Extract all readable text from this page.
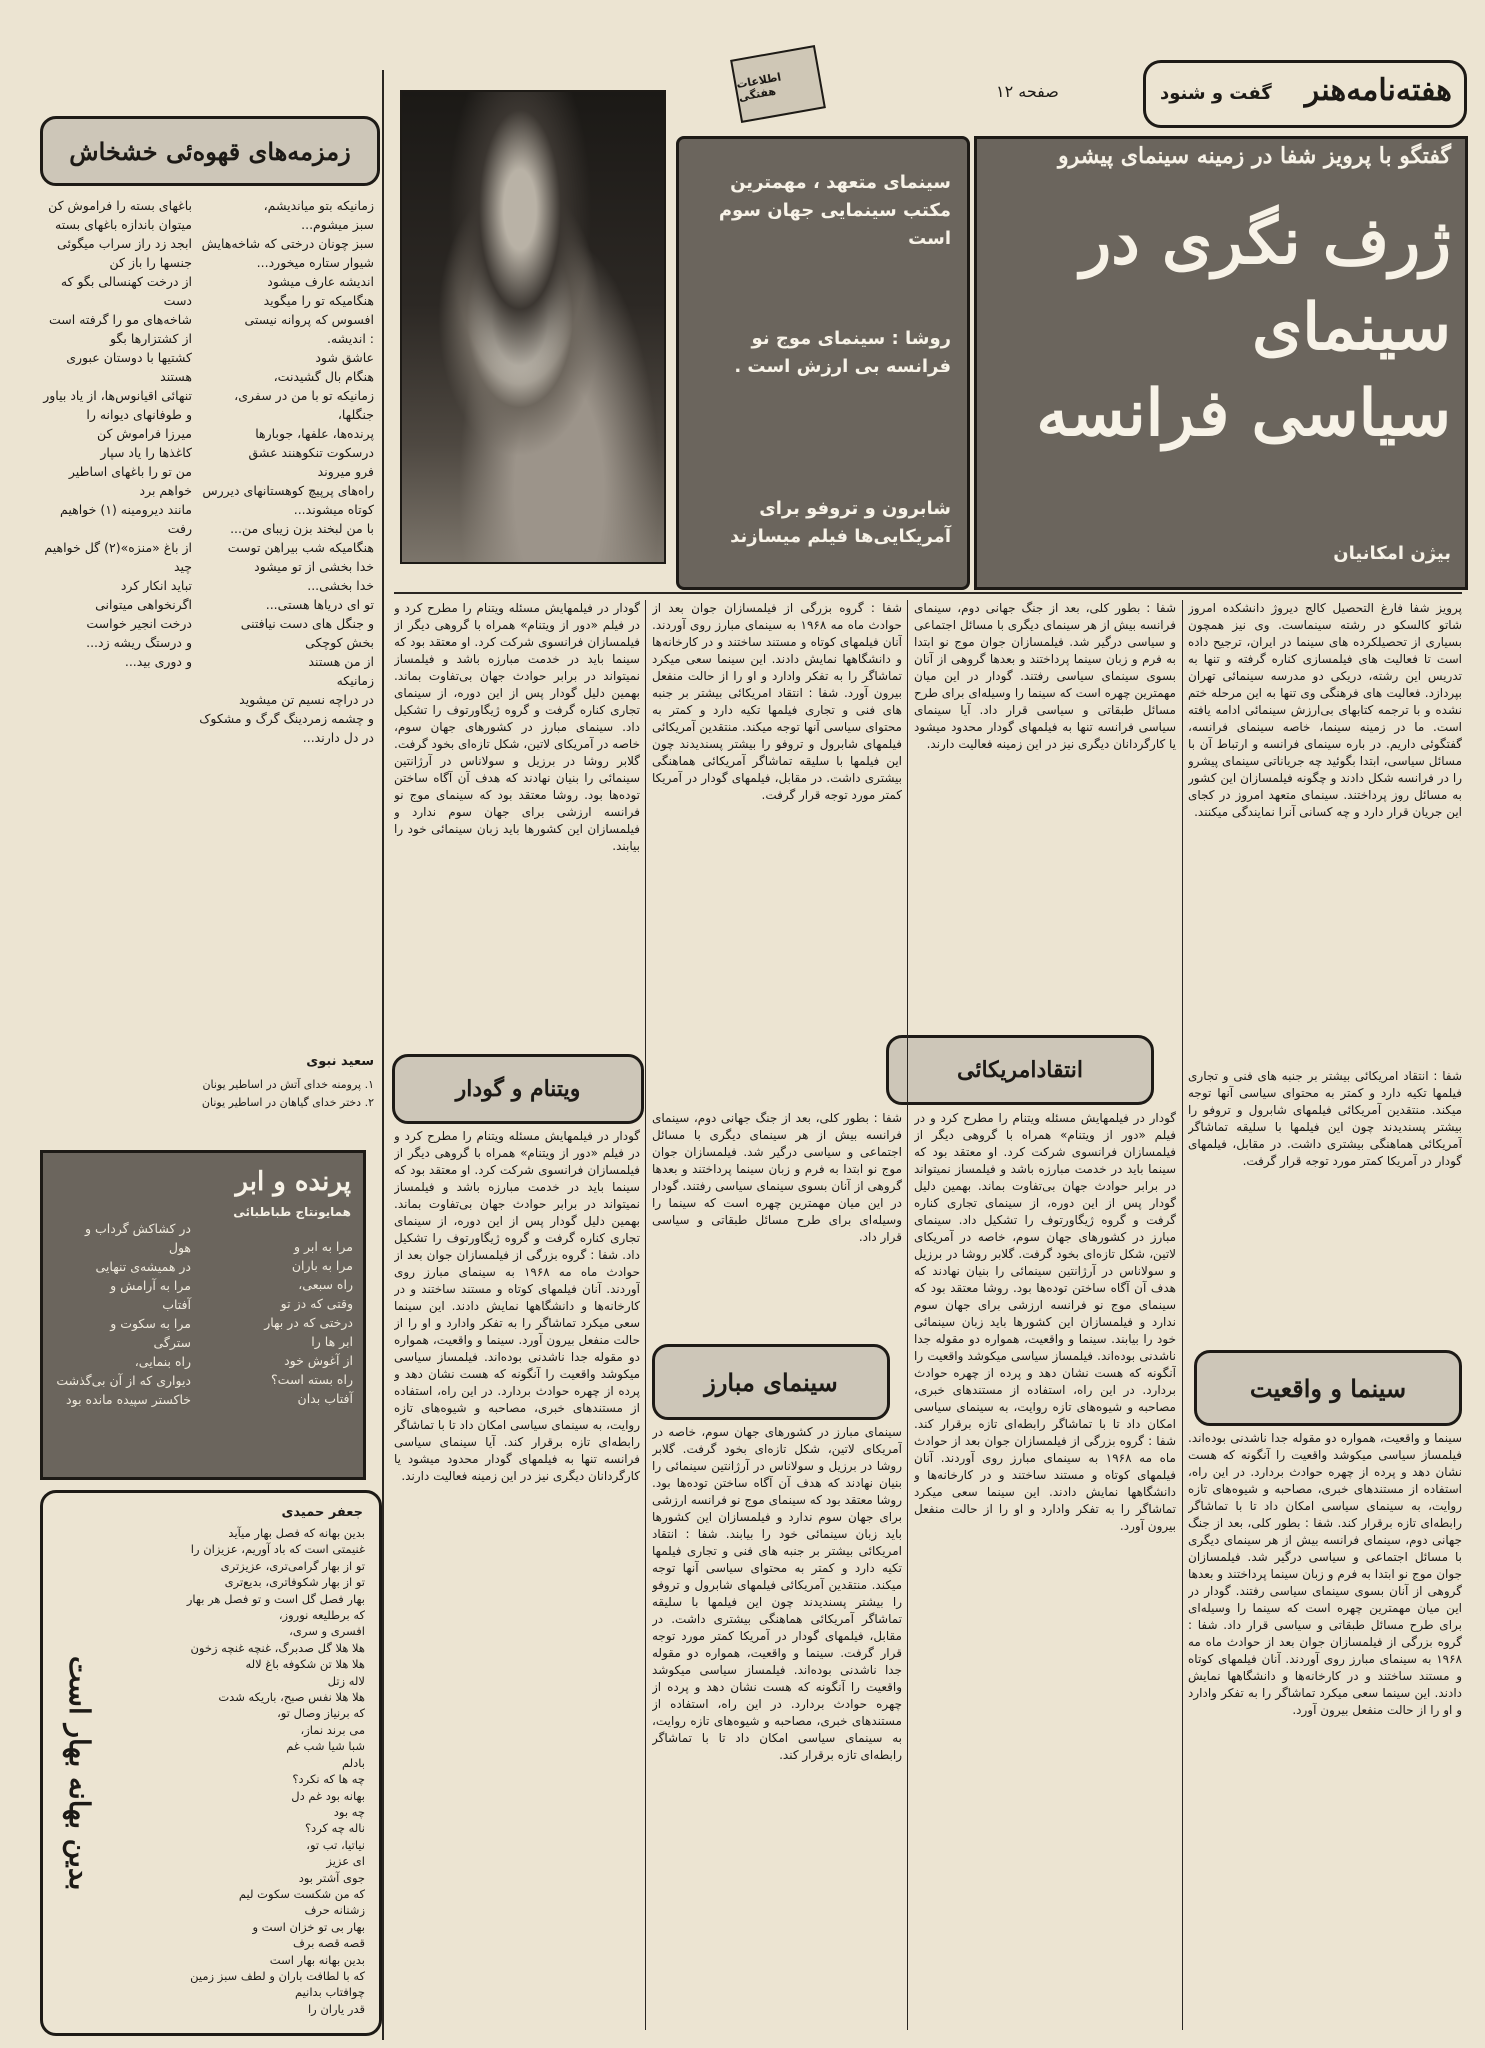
هفته‌نامه‌هنر
گفت و شنود
صفحه ۱۲
اطلاعات هفتگی
زمزمه‌های قهوه‌ئی خشخاش
زمانیکه بتو میاندیشم،
سبز میشوم...
سبز چونان درختی که شاخه‌هایش
شیوار ستاره میخورد...
اندیشه عارف میشود
هنگامیکه تو را میگوید
افسوس که پروانه نیستی
: اندیشه.
عاشق شود
هنگام بال گشیدنت،
زمانیکه تو با من در سفری،
جنگلها،
پرنده‌ها، علفها، جوبارها
درسکوت تنکوهنند عشق
فرو میروند
راه‌های پرپیچ کوهستانهای دیررس
کوتاه میشوند...
با من لبخند بزن زیبای من...
هنگامیکه شب بیراهن توست
خدا بخشی از تو میشود
خدا بخشی...
تو ای دریاها هستی...
و جنگل های دست نیافتنی
بخش کوچکی
از من هستند
زمانیکه
در دراچه نسیم تن میشوید
و چشمه زمردینگ گرگ و مشکوک
در دل دارند...
باغهای بسته را فراموش کن
میتوان باندازه باغهای بسته
ابجد زد راز سراب میگوئی
جنسها را باز کن
از درخت کهنسالی بگو که دست
شاخه‌های مو را گرفته است
از کشتزارها بگو
کشتیها با دوستان عبوری هستند
تنهائی اقیانوس‌ها، از یاد بیاور
و طوفانهای دیوانه را
میرزا فراموش کن
کاغذها را یاد سپار
من تو را باغهای اساطیر
خواهم برد
مانند دیرومینه (۱) خواهیم رفت
از باغ «منزه»(۲) گل خواهیم چید
تباید انکار کرد
اگرنخواهی میتوانی
درخت انجیر خواست
و درستگ ریشه زد...
و دوری بید...
سعید نبوی
۱. پرومنه خدای آتش در اساطیر یونان
۲. دختر خدای گیاهان در اساطیر یونان
پرنده و ابر
همایونتاج طباطبائی
مرا به ابر و
مرا به باران
راه سبعی،
وقتی که دز تو
درختی که در بهار
ابر ها را
از آغوش خود
راه بسته است؟
آفتاب بدان
در کشاکش گرداب و
هول
در همیشه‌ی تنهایی
مرا به آرامش و
آفتاب
مرا به سکوت و
سترگی
راه بنمایی،
دیواری که از آن بی‌گذشت
خاکستر سپیده مانده بود
بدین بهانه بهار است
جعفر حمیدی
بدین بهانه که فصل بهار میآید
غنیمتی است که باد آوریم، عزیزان را
تو از بهار گرامی‌تری، عزیزتری
تو از بهار شکوفاتری، بدیع‌تری
بهار فصل گل است و تو فصل هر بهار
که برطلیعه نوروز،
افسری و سری،
هلا هلا گل صدبرگ، غنچه غنچه زخون
هلا هلا تن شکوفه باغ لاله
لاله زتل
هلا هلا نفس صبح، باریکه شدت
که برنیاز وصال تو،
می برند نماز،
شبا شیا شب غم
بادلم
چه ها که نکرد؟
بهانه بود غم دل
چه بود
ناله چه کرد؟
نیاتیا، تب تو،
ای عزیز
جوی آشتر بود
که من شکست سکوت لیم
زشنانه حرف
بهار بی تو خزان است و
قصه قصه برف
بدین بهانه بهار است
که با لطافت باران و لطف سبز زمین
چوافتاب بدانیم
قدر یاران را
سینمای متعهد ، مهمترین مکتب سینمایی جهان سوم است
روشا : سینمای موج نو فرانسه بی ارزش است .
شابرون و تروفو برای آمریکایی‌ها فیلم میسازند
گفتگو با پرویز شفا در زمینه سینمای پیشرو
ژرف نگری در
سینمای
سیاسی فرانسه
بیژن امکانیان
پرویز شفا فارغ التحصیل کالج دیروژ دانشکده امروز شاتو کالسکو در رشته سینماست. وی نیز همچون بسیاری از تحصیلکرده های سینما در ایران، ترجیح داده است تا فعالیت های فیلمسازی کناره گرفته و تنها به تدریس این رشته، دریکی دو مدرسه سینمائی تهران بپردازد. فعالیت های فرهنگی وی تنها به این مرحله ختم نشده و با ترجمه کتابهای بی‌ارزش سینمائی ادامه یافته است. ما در زمینه سینما، خاصه سینمای فرانسه، گفتگوئی داریم. در باره سینمای فرانسه و ارتباط آن با مسائل سیاسی، ابتدا بگوئید چه جریاناتی سینمای پیشرو را در فرانسه شکل دادند و چگونه فیلمسازان این کشور به مسائل روز پرداختند. سینمای متعهد امروز در کجای این جریان قرار دارد و چه کسانی آنرا نمایندگی میکنند.
شفا : بطور کلی، بعد از جنگ جهانی دوم، سینمای فرانسه بیش از هر سینمای دیگری با مسائل اجتماعی و سیاسی درگیر شد. فیلمسازان جوان موج نو ابتدا به فرم و زبان سینما پرداختند و بعدها گروهی از آنان بسوی سینمای سیاسی رفتند. گودار در این میان مهمترین چهره است که سینما را وسیله‌ای برای طرح مسائل طبقاتی و سیاسی قرار داد. آیا سینمای سیاسی فرانسه تنها به فیلمهای گودار محدود میشود یا کارگردانان دیگری نیز در این زمینه فعالیت دارند.
شفا : گروه بزرگی از فیلمسازان جوان بعد از حوادث ماه مه ۱۹۶۸ به سینمای مبارز روی آوردند. آنان فیلمهای کوتاه و مستند ساختند و در کارخانه‌ها و دانشگاهها نمایش دادند. این سینما سعی میکرد تماشاگر را به تفکر وادارد و او را از حالت منفعل بیرون آورد. شفا : انتقاد امریکائی بیشتر بر جنبه های فنی و تجاری فیلمها تکیه دارد و کمتر به محتوای سیاسی آنها توجه میکند. منتقدین آمریکائی فیلمهای شابرول و تروفو را بیشتر پسندیدند چون این فیلمها با سلیقه تماشاگر آمریکائی هماهنگی بیشتری داشت. در مقابل، فیلمهای گودار در آمریکا کمتر مورد توجه قرار گرفت.
گودار در فیلمهایش مسئله ویتنام را مطرح کرد و در فیلم «دور از ویتنام» همراه با گروهی دیگر از فیلمسازان فرانسوی شرکت کرد. او معتقد بود که سینما باید در خدمت مبارزه باشد و فیلمساز نمیتواند در برابر حوادث جهان بی‌تفاوت بماند. بهمین دلیل گودار پس از این دوره، از سینمای تجاری کناره گرفت و گروه ژیگاورتوف را تشکیل داد. سینمای مبارز در کشورهای جهان سوم، خاصه در آمریکای لاتین، شکل تازه‌ای بخود گرفت. گلابر روشا در برزیل و سولاناس در آرژانتین سینمائی را بنیان نهادند که هدف آن آگاه ساختن توده‌ها بود. روشا معتقد بود که سینمای موج نو فرانسه ارزشی برای جهان سوم ندارد و فیلمسازان این کشورها باید زبان سینمائی خود را بیابند.
انتقادامریکائی
ویتنام و گودار
سینمای مبارز	سینما و واقعیت
شفا : انتقاد امریکائی بیشتر بر جنبه های فنی و تجاری فیلمها تکیه دارد و کمتر به محتوای سیاسی آنها توجه میکند. منتقدین آمریکائی فیلمهای شابرول و تروفو را بیشتر پسندیدند چون این فیلمها با سلیقه تماشاگر آمریکائی هماهنگی بیشتری داشت. در مقابل، فیلمهای گودار در آمریکا کمتر مورد توجه قرار گرفت.
سینما و واقعیت، همواره دو مقوله جدا ناشدنی بوده‌اند. فیلمساز سیاسی میکوشد واقعیت را آنگونه که هست نشان دهد و پرده از چهره حوادث بردارد. در این راه، استفاده از مستندهای خبری، مصاحبه و شیوه‌های تازه روایت، به سینمای سیاسی امکان داد تا با تماشاگر رابطه‌ای تازه برقرار کند. شفا : بطور کلی، بعد از جنگ جهانی دوم، سینمای فرانسه بیش از هر سینمای دیگری با مسائل اجتماعی و سیاسی درگیر شد. فیلمسازان جوان موج نو ابتدا به فرم و زبان سینما پرداختند و بعدها گروهی از آنان بسوی سینمای سیاسی رفتند. گودار در این میان مهمترین چهره است که سینما را وسیله‌ای برای طرح مسائل طبقاتی و سیاسی قرار داد. شفا : گروه بزرگی از فیلمسازان جوان بعد از حوادث ماه مه ۱۹۶۸ به سینمای مبارز روی آوردند. آنان فیلمهای کوتاه و مستند ساختند و در کارخانه‌ها و دانشگاهها نمایش دادند. این سینما سعی میکرد تماشاگر را به تفکر وادارد و او را از حالت منفعل بیرون آورد.
گودار در فیلمهایش مسئله ویتنام را مطرح کرد و در فیلم «دور از ویتنام» همراه با گروهی دیگر از فیلمسازان فرانسوی شرکت کرد. او معتقد بود که سینما باید در خدمت مبارزه باشد و فیلمساز نمیتواند در برابر حوادث جهان بی‌تفاوت بماند. بهمین دلیل گودار پس از این دوره، از سینمای تجاری کناره گرفت و گروه ژیگاورتوف را تشکیل داد. سینمای مبارز در کشورهای جهان سوم، خاصه در آمریکای لاتین، شکل تازه‌ای بخود گرفت. گلابر روشا در برزیل و سولاناس در آرژانتین سینمائی را بنیان نهادند که هدف آن آگاه ساختن توده‌ها بود. روشا معتقد بود که سینمای موج نو فرانسه ارزشی برای جهان سوم ندارد و فیلمسازان این کشورها باید زبان سینمائی خود را بیابند. سینما و واقعیت، همواره دو مقوله جدا ناشدنی بوده‌اند. فیلمساز سیاسی میکوشد واقعیت را آنگونه که هست نشان دهد و پرده از چهره حوادث بردارد. در این راه، استفاده از مستندهای خبری، مصاحبه و شیوه‌های تازه روایت، به سینمای سیاسی امکان داد تا با تماشاگر رابطه‌ای تازه برقرار کند. شفا : گروه بزرگی از فیلمسازان جوان بعد از حوادث ماه مه ۱۹۶۸ به سینمای مبارز روی آوردند. آنان فیلمهای کوتاه و مستند ساختند و در کارخانه‌ها و دانشگاهها نمایش دادند. این سینما سعی میکرد تماشاگر را به تفکر وادارد و او را از حالت منفعل بیرون آورد.
شفا : بطور کلی، بعد از جنگ جهانی دوم، سینمای فرانسه بیش از هر سینمای دیگری با مسائل اجتماعی و سیاسی درگیر شد. فیلمسازان جوان موج نو ابتدا به فرم و زبان سینما پرداختند و بعدها گروهی از آنان بسوی سینمای سیاسی رفتند. گودار در این میان مهمترین چهره است که سینما را وسیله‌ای برای طرح مسائل طبقاتی و سیاسی قرار داد.
سینمای مبارز در کشورهای جهان سوم، خاصه در آمریکای لاتین، شکل تازه‌ای بخود گرفت. گلابر روشا در برزیل و سولاناس در آرژانتین سینمائی را بنیان نهادند که هدف آن آگاه ساختن توده‌ها بود. روشا معتقد بود که سینمای موج نو فرانسه ارزشی برای جهان سوم ندارد و فیلمسازان این کشورها باید زبان سینمائی خود را بیابند. شفا : انتقاد امریکائی بیشتر بر جنبه های فنی و تجاری فیلمها تکیه دارد و کمتر به محتوای سیاسی آنها توجه میکند. منتقدین آمریکائی فیلمهای شابرول و تروفو را بیشتر پسندیدند چون این فیلمها با سلیقه تماشاگر آمریکائی هماهنگی بیشتری داشت. در مقابل، فیلمهای گودار در آمریکا کمتر مورد توجه قرار گرفت. سینما و واقعیت، همواره دو مقوله جدا ناشدنی بوده‌اند. فیلمساز سیاسی میکوشد واقعیت را آنگونه که هست نشان دهد و پرده از چهره حوادث بردارد. در این راه، استفاده از مستندهای خبری، مصاحبه و شیوه‌های تازه روایت، به سینمای سیاسی امکان داد تا با تماشاگر رابطه‌ای تازه برقرار کند.
گودار در فیلمهایش مسئله ویتنام را مطرح کرد و در فیلم «دور از ویتنام» همراه با گروهی دیگر از فیلمسازان فرانسوی شرکت کرد. او معتقد بود که سینما باید در خدمت مبارزه باشد و فیلمساز نمیتواند در برابر حوادث جهان بی‌تفاوت بماند. بهمین دلیل گودار پس از این دوره، از سینمای تجاری کناره گرفت و گروه ژیگاورتوف را تشکیل داد. شفا : گروه بزرگی از فیلمسازان جوان بعد از حوادث ماه مه ۱۹۶۸ به سینمای مبارز روی آوردند. آنان فیلمهای کوتاه و مستند ساختند و در کارخانه‌ها و دانشگاهها نمایش دادند. این سینما سعی میکرد تماشاگر را به تفکر وادارد و او را از حالت منفعل بیرون آورد. سینما و واقعیت، همواره دو مقوله جدا ناشدنی بوده‌اند. فیلمساز سیاسی میکوشد واقعیت را آنگونه که هست نشان دهد و پرده از چهره حوادث بردارد. در این راه، استفاده از مستندهای خبری، مصاحبه و شیوه‌های تازه روایت، به سینمای سیاسی امکان داد تا با تماشاگر رابطه‌ای تازه برقرار کند. آیا سینمای سیاسی فرانسه تنها به فیلمهای گودار محدود میشود یا کارگردانان دیگری نیز در این زمینه فعالیت دارند.
